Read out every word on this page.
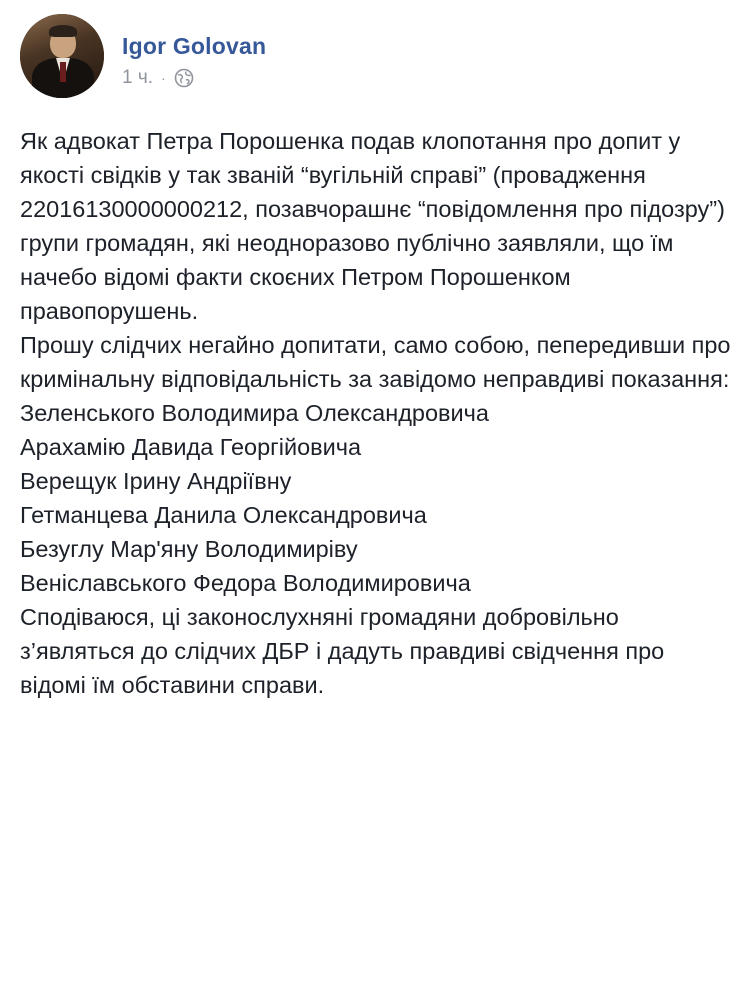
Igor Golovan
1 ч. ·

Як адвокат Петра Порошенка подав клопотання про допит у якості свідків у так званій “вугільній справі” (провадження 22016130000000212, позавчорашнє “повідомлення про підозру”) групи громадян, які неодноразово публічно заявляли, що їм начебо відомі факти скоєних Петром Порошенком правопорушень.

Прошу слідчих негайно допитати, само собою, пепередивши про кримінальну відповідальність за завідомо неправдиві показання:

Зеленського Володимира Олександровича

Арахамію Давида Георгійовича

Верещук Ірину Андріївну

Гетманцева Данила Олександровича

Безуглу Мар'яну Володимиріву

Веніславського Федора Володимировича

Сподіваюся, ці законослухняні громадяни добровільно з’являться до слідчих ДБР і дадуть правдиві свідчення про відомі їм обставини справи.
